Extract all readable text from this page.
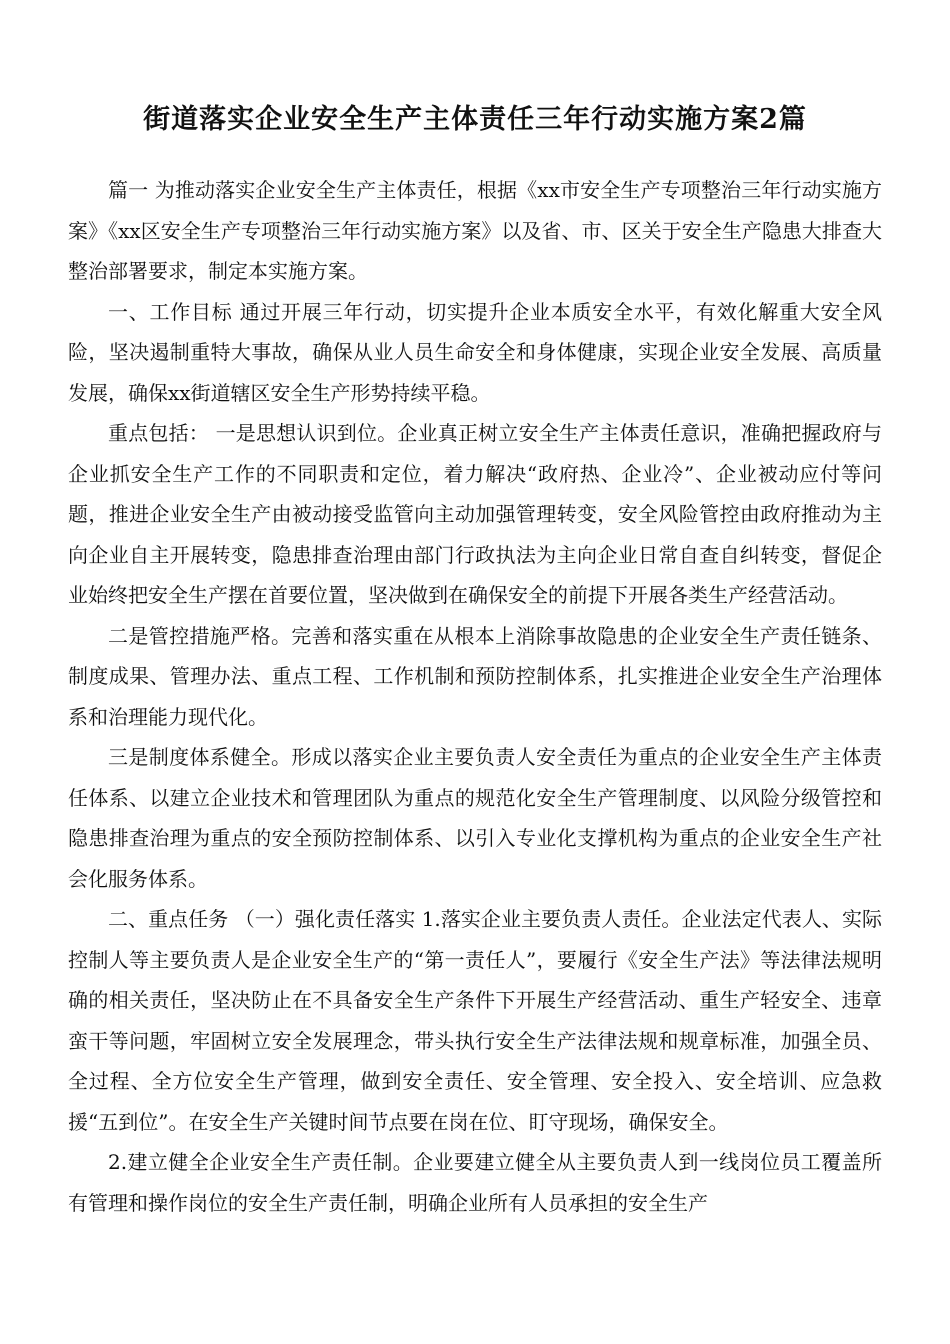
街道落实企业安全生产主体责任三年行动实施方案2篇

篇一 为推动落实企业安全生产主体责任，根据《xx市安全生产专项整治三年行动实施方案》《xx区安全生产专项整治三年行动实施方案》以及省、市、区关于安全生产隐患大排查大整治部署要求，制定本实施方案。

一、工作目标 通过开展三年行动，切实提升企业本质安全水平，有效化解重大安全风险，坚决遏制重特大事故，确保从业人员生命安全和身体健康，实现企业安全发展、高质量发展，确保xx街道辖区安全生产形势持续平稳。

重点包括： 一是思想认识到位。企业真正树立安全生产主体责任意识，准确把握政府与企业抓安全生产工作的不同职责和定位，着力解决“政府热、企业冷”、企业被动应付等问题，推进企业安全生产由被动接受监管向主动加强管理转变，安全风险管控由政府推动为主向企业自主开展转变，隐患排查治理由部门行政执法为主向企业日常自查自纠转变，督促企业始终把安全生产摆在首要位置，坚决做到在确保安全的前提下开展各类生产经营活动。

二是管控措施严格。完善和落实重在从根本上消除事故隐患的企业安全生产责任链条、制度成果、管理办法、重点工程、工作机制和预防控制体系，扎实推进企业安全生产治理体系和治理能力现代化。

三是制度体系健全。形成以落实企业主要负责人安全责任为重点的企业安全生产主体责任体系、以建立企业技术和管理团队为重点的规范化安全生产管理制度、以风险分级管控和隐患排查治理为重点的安全预防控制体系、以引入专业化支撑机构为重点的企业安全生产社会化服务体系。

二、重点任务 （一）强化责任落实 1.落实企业主要负责人责任。企业法定代表人、实际控制人等主要负责人是企业安全生产的“第一责任人”，要履行《安全生产法》等法律法规明确的相关责任，坚决防止在不具备安全生产条件下开展生产经营活动、重生产轻安全、违章蛮干等问题，牢固树立安全发展理念，带头执行安全生产法律法规和规章标准，加强全员、全过程、全方位安全生产管理，做到安全责任、安全管理、安全投入、安全培训、应急救援“五到位”。在安全生产关键时间节点要在岗在位、盯守现场，确保安全。

2.建立健全企业安全生产责任制。企业要建立健全从主要负责人到一线岗位员工覆盖所有管理和操作岗位的安全生产责任制，明确企业所有人员承担的安全生产
